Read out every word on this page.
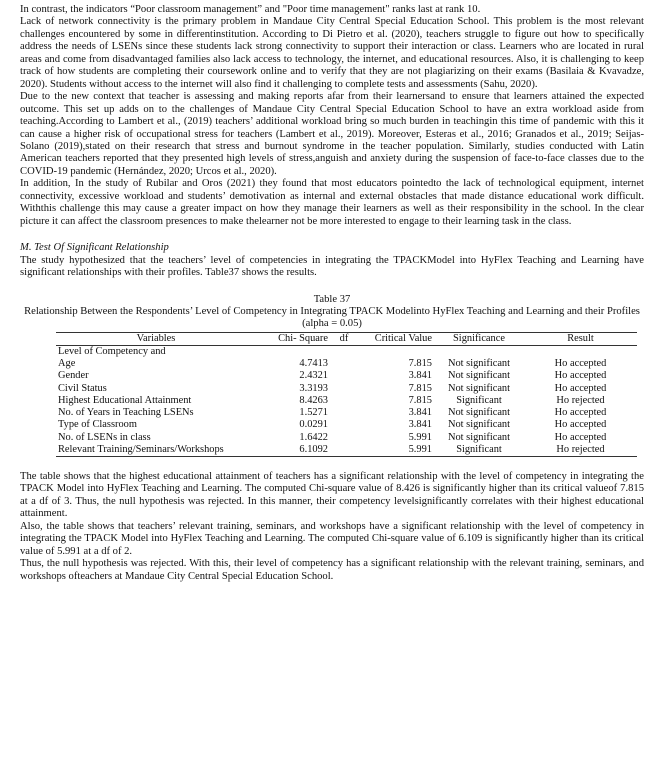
In contrast, the indicators “Poor classroom management” and "Poor time management" ranks last at rank 10.

Lack of network connectivity is the primary problem in Mandaue City Central Special Education School. This problem is the most relevant challenges encountered by some in differentinstitution. According to Di Pietro et al. (2020), teachers struggle to figure out how to specifically address the needs of LSENs since these students lack strong connectivity to support their interaction or class. Learners who are located in rural areas and come from disadvantaged families also lack access to technology, the internet, and educational resources. Also, it is challenging to keep track of how students are completing their coursework online and to verify that they are not plagiarizing on their exams (Basilaia & Kvavadze, 2020). Students without access to the internet will also find it challenging to complete tests and assessments (Sahu, 2020).

Due to the new context that teacher is assessing and making reports afar from their learnersand to ensure that learners attained the expected outcome. This set up adds on to the challenges of Mandaue City Central Special Education School to have an extra workload aside from teaching.According to Lambert et al., (2019) teachers’ additional workload bring so much burden in teachingin this time of pandemic with this it can cause a higher risk of occupational stress for teachers (Lambert et al., 2019). Moreover, Esteras et al., 2016; Granados et al., 2019; Seijas-Solano (2019),stated on their research that stress and burnout syndrome in the teacher population. Similarly, studies conducted with Latin American teachers reported that they presented high levels of stress,anguish and anxiety during the suspension of face-to-face classes due to the COVID-19 pandemic (Hernández, 2020; Urcos et al., 2020).

In addition, In the study of Rubilar and Oros (2021) they found that most educators pointedto the lack of technological equipment, internet connectivity, excessive workload and students’ demotivation as internal and external obstacles that made distance educational work difficult. Withthis challenge this may cause a greater impact on how they manage their learners as well as their responsibility in the school. In the clear picture it can affect the classroom presences to make thelearner not be more interested to engage to their learning task in the class.

M. Test Of Significant Relationship

The study hypothesized that the teachers’ level of competencies in integrating the TPACKModel into HyFlex Teaching and Learning have significant relationships with their profiles. Table37 shows the results.

Table 37

Relationship Between the Respondents’ Level of Competency in Integrating TPACK Modelinto HyFlex Teaching and Learning and their Profiles

(alpha = 0.05)

Variables	Chi- Square	df	Critical Value	Significance	Result
Level of Competency and					
Age	4.7413		7.815	Not significant	Ho accepted
Gender	2.4321		3.841	Not significant	Ho accepted
Civil Status	3.3193		7.815	Not significant	Ho accepted
Highest Educational Attainment	8.4263		7.815	Significant	Ho rejected
No. of Years in Teaching LSENs	1.5271		3.841	Not significant	Ho accepted
Type of Classroom	0.0291		3.841	Not significant	Ho accepted
No. of LSENs in class	1.6422		5.991	Not significant	Ho accepted
Relevant Training/Seminars/Workshops	6.1092		5.991	Significant	Ho rejected

The table shows that the highest educational attainment of teachers has a significant relationship with the level of competency in integrating the TPACK Model into HyFlex Teaching and Learning. The computed Chi-square value of 8.426 is significantly higher than its critical valueof 7.815 at a df of 3. Thus, the null hypothesis was rejected. In this manner, their competency levelsignificantly correlates with their highest educational attainment.

Also, the table shows that teachers’ relevant training, seminars, and workshops have a significant relationship with the level of competency in integrating the TPACK Model into HyFlex Teaching and Learning. The computed Chi-square value of 6.109 is significantly higher than its critical value of 5.991 at a df of 2.

Thus, the null hypothesis was rejected. With this, their level of competency has a significant relationship with the relevant training, seminars, and workshops ofteachers at Mandaue City Central Special Education School.
